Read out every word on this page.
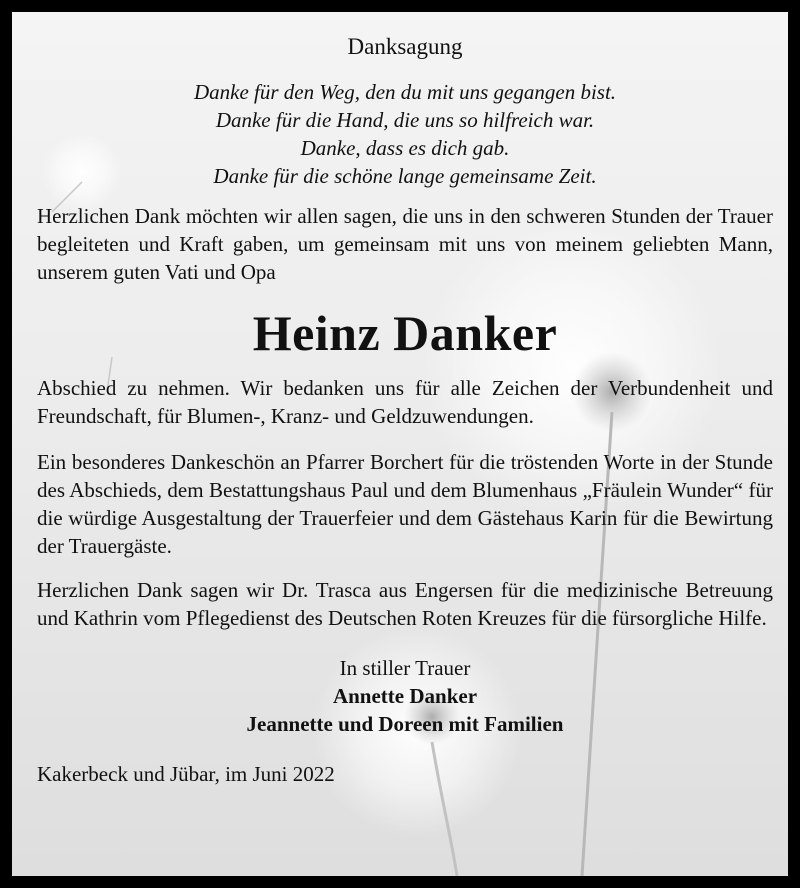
Danksagung
Danke für den Weg, den du mit uns gegangen bist.
Danke für die Hand, die uns so hilfreich war.
Danke, dass es dich gab.
Danke für die schöne lange gemeinsame Zeit.

Herzlichen Dank möchten wir allen sagen, die uns in den schweren Stunden der Trauer begleiteten und Kraft gaben, um gemeinsam mit uns von meinem geliebten Mann, unserem guten Vati und Opa

Heinz Danker

Abschied zu nehmen. Wir bedanken uns für alle Zeichen der Verbundenheit und Freundschaft, für Blumen-, Kranz- und Geldzuwendungen.

Ein besonderes Dankeschön an Pfarrer Borchert für die tröstenden Worte in der Stunde des Abschieds, dem Bestattungshaus Paul und dem Blumenhaus „Fräulein Wunder“ für die würdige Ausgestaltung der Trauerfeier und dem Gästehaus Karin für die Bewirtung der Trauergäste.

Herzlichen Dank sagen wir Dr. Trasca aus Engersen für die medizinische Betreuung und Kathrin vom Pflegedienst des Deutschen Roten Kreuzes für die fürsorgliche Hilfe.

In stiller Trauer
Annette Danker
Jeannette und Doreen mit Familien

Kakerbeck und Jübar, im Juni 2022
